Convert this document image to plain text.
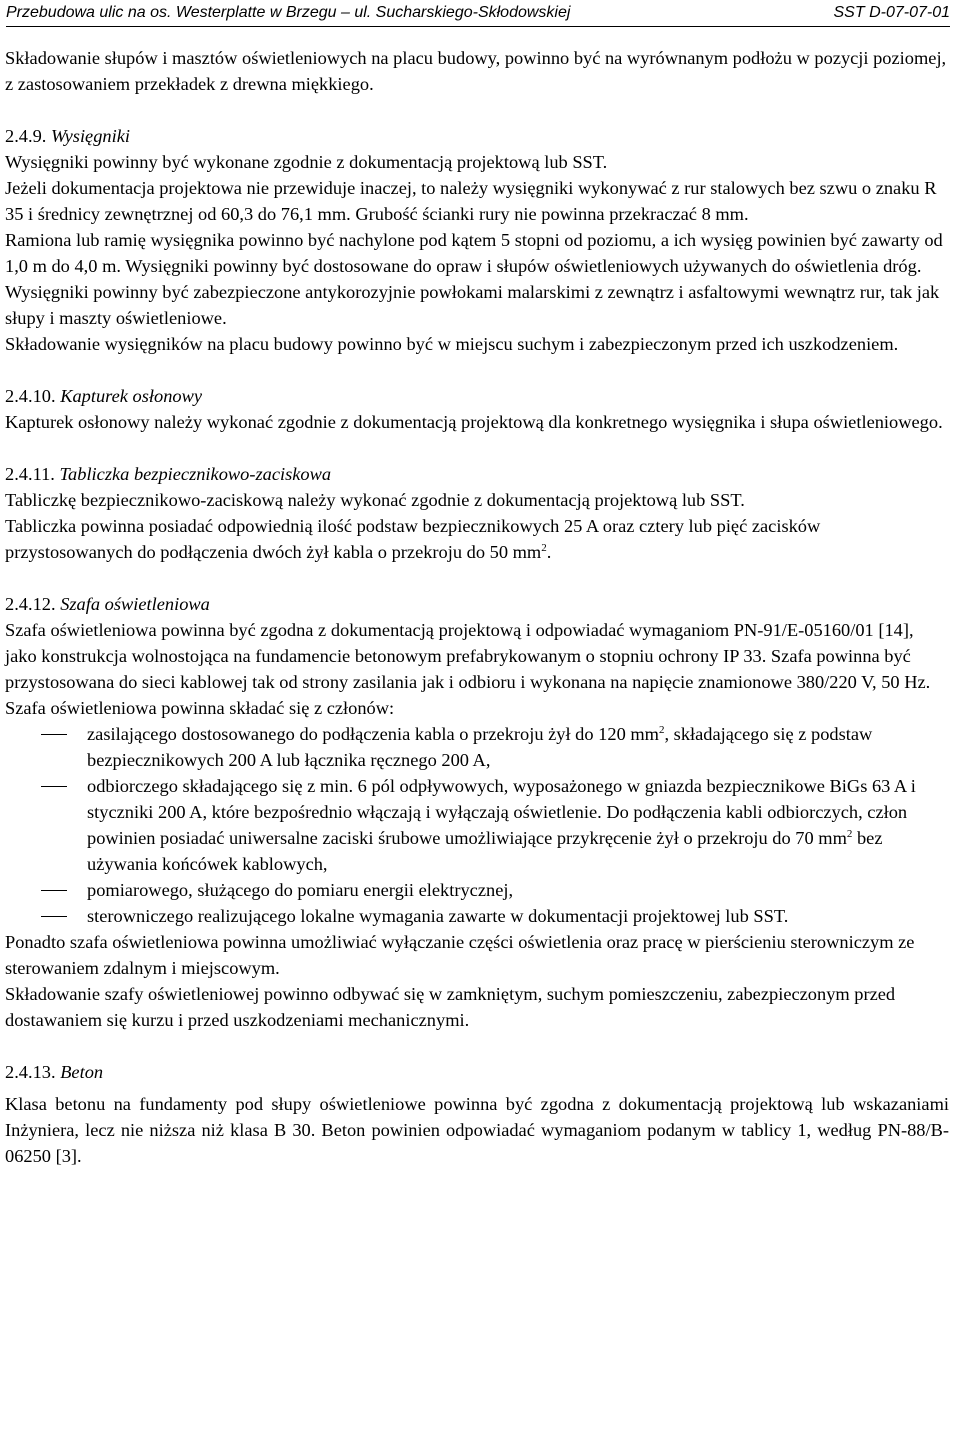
Przebudowa ulic na os. Westerplatte w Brzegu – ul. Sucharskiego-Skłodowskiej	SST D-07-07-01

Składowanie słupów i masztów oświetleniowych na placu budowy, powinno być na wyrównanym podłożu w pozycji poziomej, z zastosowaniem przekładek z drewna miękkiego.

2.4.9. Wysięgniki

Wysięgniki powinny być wykonane zgodnie z dokumentacją projektową lub SST.

Jeżeli dokumentacja projektowa nie przewiduje inaczej, to należy wysięgniki wykonywać z rur stalowych bez szwu o znaku R 35 i średnicy zewnętrznej od 60,3 do 76,1 mm. Grubość ścianki rury nie powinna przekraczać 8 mm.

Ramiona lub ramię wysięgnika powinno być nachylone pod kątem 5 stopni od poziomu, a ich wysięg powinien być zawarty od 1,0 m do 4,0 m. Wysięgniki powinny być dostosowane do opraw i słupów oświetleniowych używanych do oświetlenia dróg.

Wysięgniki powinny być zabezpieczone antykorozyjnie powłokami malarskimi z zewnątrz i asfaltowymi wewnątrz rur, tak jak słupy i maszty oświetleniowe.

Składowanie wysięgników na placu budowy powinno być w miejscu suchym i zabezpieczonym przed ich uszkodzeniem.

2.4.10. Kapturek osłonowy

Kapturek osłonowy należy wykonać zgodnie z dokumentacją projektową dla konkretnego wysięgnika i słupa oświetleniowego.

2.4.11. Tabliczka bezpiecznikowo-zaciskowa

Tabliczkę bezpiecznikowo-zaciskową należy wykonać zgodnie z dokumentacją projektową lub SST.

Tabliczka powinna posiadać odpowiednią ilość podstaw bezpiecznikowych 25 A oraz cztery lub pięć zacisków przystosowanych do podłączenia dwóch żył kabla o przekroju do 50 $mm^2$.

2.4.12. Szafa oświetleniowa

Szafa oświetleniowa powinna być zgodna z dokumentacją projektową i odpowiadać wymaganiom PN-91/E-05160/01 [14], jako konstrukcja wolnostojąca na fundamencie betonowym prefabrykowanym o stopniu ochrony IP 33. Szafa powinna być przystosowana do sieci kablowej tak od strony zasilania jak i odbioru i wykonana na napięcie znamionowe 380/220 V, 50 Hz.

Szafa oświetleniowa powinna składać się z członów:

zasilającego dostosowanego do podłączenia kabla o przekroju żył do 120 $mm^2$, składającego się z podstaw bezpiecznikowych 200 A lub łącznika ręcznego 200 A,
odbiorczego składającego się z min. 6 pól odpływowych, wyposażonego w gniazda bezpiecznikowe BiGs 63 A i styczniki 200 A, które bezpośrednio włączają i wyłączają oświetlenie. Do podłączenia kabli odbiorczych, człon powinien posiadać uniwersalne zaciski śrubowe umożliwiające przykręcenie żył o przekroju do 70 $mm^2$ bez używania końcówek kablowych,
pomiarowego, służącego do pomiaru energii elektrycznej,
sterowniczego realizującego lokalne wymagania zawarte w dokumentacji projektowej lub SST.

Ponadto szafa oświetleniowa powinna umożliwiać wyłączanie części oświetlenia oraz pracę w pierścieniu sterowniczym ze sterowaniem zdalnym i miejscowym.

Składowanie szafy oświetleniowej powinno odbywać się w zamkniętym, suchym pomieszczeniu, zabezpieczonym przed dostawaniem się kurzu i przed uszkodzeniami mechanicznymi.

2.4.13. Beton

Klasa betonu na fundamenty pod słupy oświetleniowe powinna być zgodna z dokumentacją projektową lub wskazaniami Inżyniera, lecz nie niższa niż klasa B 30. Beton powinien odpowiadać wymaganiom podanym w tablicy 1, według PN-88/B-06250 [3].
